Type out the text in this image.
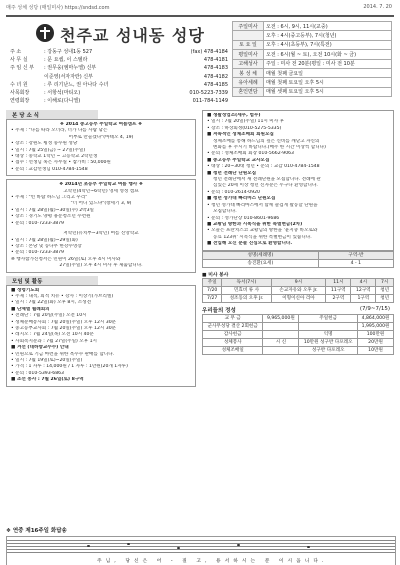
매주 성체 성당 (매일미사) https://sndsd.com	2014. 7. 20
천주교 성내동 성당
주 소	: 강동구 성내1동 527	(fax) 478-4184
사 무 실	: 문 요셉, 이 스텔라	478-4181
주 임 신 부	: 권무웅(엠마누엘) 신부	478-4183
이준영(서자자란) 신부	478-4182
수 녀 원	: 루 리기난느, 권 아나다 수녀	478-4185
사목회장	: 서항석(마티오)	010-5223-7339
연령회장	: 이해로(다니엘)	011-784-1149
주일미사	오전 : 6시, 9시, 11시(교중)
	오후 : 4시(중고등부), 7시(청년)
토 요 일	오후 : 4시(초등부), 7시(특전)
평일미사	오전 : 6시(월 ~ 토), 오전 10시(화 ~ 금)
고해성사	주일 : 미사 전 20분(평일 : 미사 전 10분
봉 성 체	매월 첫째 금요일
유아세례	매월 첫째 토요일 오후 5시
혼인면담	매월 셋째 토요일 오후 5시
본 당 소 식
❖ 2014 중고등부 주일학교 여름캠프 ❖
• 주제 : "나를 따라 오너라, 너가 나를 사람 낚는
어부로 만들겠다"(마태오 4, 19)
• 장소 : 강원도 횡성 풍수원 성당
• 일시 : 7월 25일(금) ~ 27일(주일)
• 대상 : 중학교 1학년 ~ 고등학교 2학년생
• 접수 : 선생님 혹은 사무실 • 참가비 : 50,000원
• 문의 : 교감선생님 010-4784-1548
❖ 2014년 초등부 주일학교 여름 행사 ❖
고학년(4학년~6학년) 영세 영성 캠프
• 주제 : "빈 바람 하느님 그리고 우리"
"너 어디 있느냐"(창세기 3, 9)
• 일시 : 7월 28일(월)~30일(수) 2박3일
• 장소 : 경기도 양평 용문청소년 수련원
• 문의 : 010-7233-3879
저학년(유치부~3학년) 여름 신앙학교
• 일시 : 7월 28일(월)~29일(화)
• 장소 : 본당 및 동나무 한강수영장
• 문의 : 010-7233-3879
※ 행사참가신청서는 민원이 26일(토) 오후 4시 미사와
27일(주일) 오후 4시 미사 후 제출합니다.
모임 및 활동
■ 성령기도회
• 주제 : 내적, 외적 치유 • 강사 : 이상기(가브리엘)
• 일시 : 7월 22일(화) 오후 8시, 소성전
■ 단체별 월례회의
• 전례단 : 7월 20일(주일) 오전 10시
• 성체분배봉사회 : 7월 20일(주일) 오후 12시 30분
• 중고등부교사회 : 7월 20일(주일) 오후 12시 30분
• 레지오 : 7월 24일(목) 오전 10시 40분
• 사회복지분과 : 7월 27일(주일) 오후 1시
■ 겨선 (대하향교수수) 안내
• 민원으로 기금 마련을 위한 옥수수 판매를 합니다.
• 일시 : 7월 19일(토)~20일(주일)
• 가격 : 1 자루 : 14,000원 / 1 자루 : 1만원(20개 1자루)
• 문의 : 010-5393-6863
■ 조선 봉사 : 7월 26일(토) 8구역
■ 생활성업소(세무, 법무)
• 일시 : 7월 20일(주일) 11시 미사 후
• 장소 : 하상회정(010-5275-5335)
■ 저속적인 성체조배회 회원모집
성체조배를 통해 하느님의 깊은 신비를 깨닫고 자신의
변화를 후 주시기 바랍니다.(매주 한 시간 이상씩 합니다)
• 문의 : 성체조배회 회장 010-5662-9063
■ 중고등부 주일학교 교사모집
• 대상 : 20~30대 청년 • 문의 : 교감 010-4784-1548
■ 청년 전례단 단원모집
청년 전례단에서 새 전례단원을 모집합니다. 전례에 관
심있는 20세 이상 청년 신자분은 누구나 환영합니다.
• 문의 : 010-2614-0920
■ 청년 성가대 빠리마스 단원모집
• 청년 성가대 빠리마스에서 함께 즐겁게 활동할 단원을
모집합니다.
• 문의 : 성가단장 010-8601-9686
■ 교황님 방한과 시복식을 위한 특별현금(2차)
• 오늘은 프란치스코 교황님의 방한을 '윤지충 바오로와
동료 123위' 시복식을 위한 특별현금이 있습니다.
■ 전입해 오신 분들 진심으로 환영합니다.
성명(세례명)	구역-반
송진환(요세)	4 - 1
■ 미사 봉사
주일	독서(7시)	9시	11시	4시	7시
7/20	민효비 류 사	손교자유와 오후 Jr.	11구역	12구역	청년
7/27	성조동의 오후 Jr.	이형이신아 리아	2구역	1구역	청년
우리들의 정성	(7/9~7/15)
교 무 금	9,965,000원	주일헌금	4,864,000원
군사무성당 결산 2회헌금			1,995,000원
감사헌금		익명	100만원
성체봉사	시 신	10만원 성구반 다포레오	20만원
성체조배일		성구반 다포레오	10만원
❖ 연중 제16주일 화답송
주님, 당신은 어 - 질 고, 용서하시는 분 이시옵니다.
